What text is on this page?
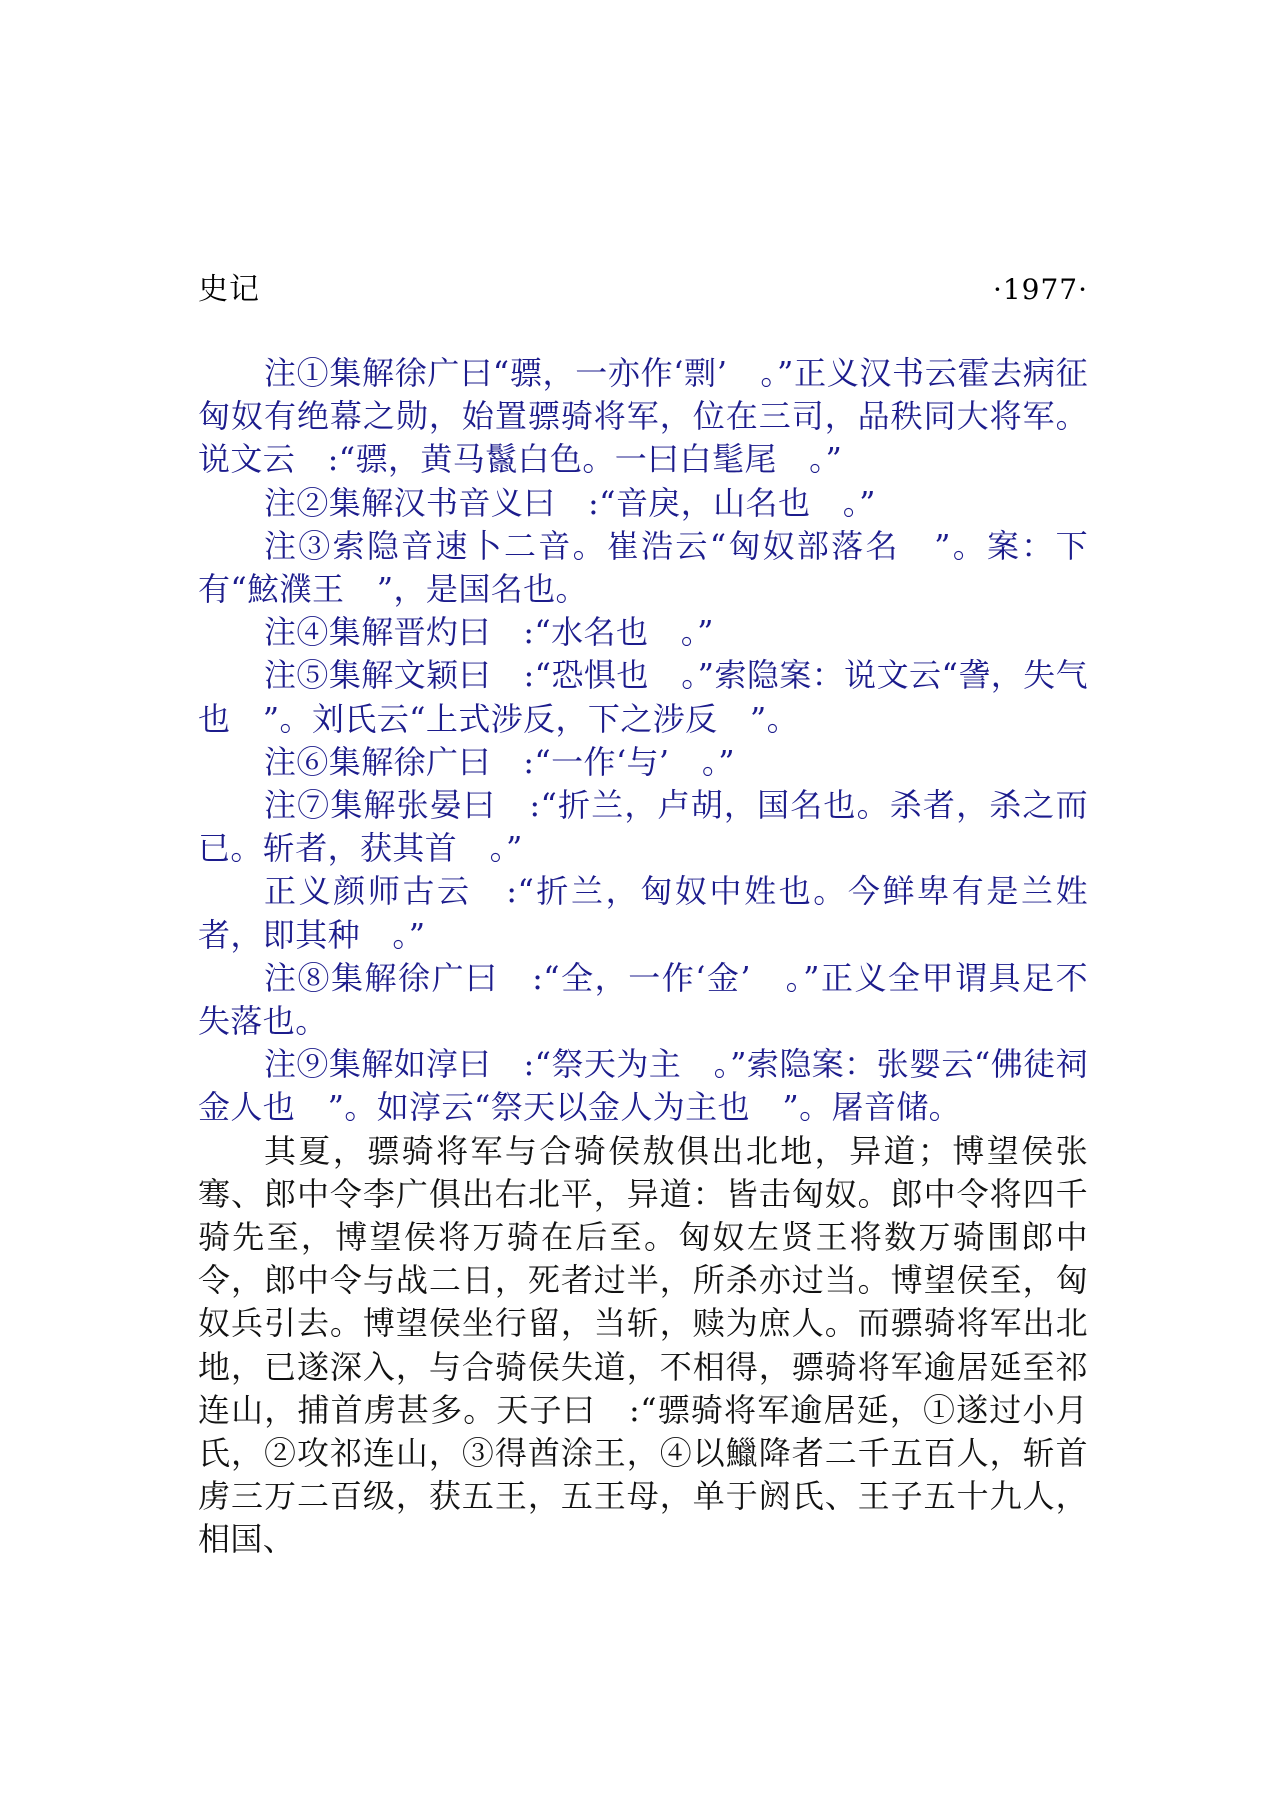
史记	·1977·

注①集解徐广曰“骠，一亦作‘剽’　。”正义汉书云霍去病征匈奴有绝幕之勋，始置骠骑将军，位在三司，品秩同大将军。说文云　:“骠，黄马鬣白色。一曰白髦尾　。”

注②集解汉书音义曰　:“音戾，山名也　。”

注③索隐音速卜二音。崔浩云“匈奴部落名　”。案：下有“鮌濮王　”，是国名也。

注④集解晋灼曰　:“水名也　。”

注⑤集解文颖曰　:“恐惧也　。”索隐案：说文云“詟，失气也　”。刘氏云“上式涉反，下之涉反　”。

注⑥集解徐广曰　:“一作‘与’　。”

注⑦集解张晏曰　:“折兰，卢胡，国名也。杀者，杀之而已。斩者，获其首　。”

正义颜师古云　:“折兰，匈奴中姓也。今鲜卑有是兰姓者，即其种　。”

注⑧集解徐广曰　:“全，一作‘金’　。”正义全甲谓具足不失落也。

注⑨集解如淳曰　:“祭天为主　。”索隐案：张婴云“佛徒祠金人也　”。如淳云“祭天以金人为主也　”。屠音储。

其夏，骠骑将军与合骑侯敖俱出北地，异道；博望侯张骞、郎中令李广俱出右北平，异道：皆击匈奴。郎中令将四千骑先至，博望侯将万骑在后至。匈奴左贤王将数万骑围郎中令，郎中令与战二日，死者过半，所杀亦过当。博望侯至，匈奴兵引去。博望侯坐行留，当斩，赎为庶人。而骠骑将军出北地，已遂深入，与合骑侯失道，不相得，骠骑将军逾居延至祁连山，捕首虏甚多。天子曰　:“骠骑将军逾居延，①遂过小月氏，②攻祁连山，③得酋涂王，④以鱲降者二千五百人，斩首虏三万二百级，获五王，五王母，单于阏氏、王子五十九人，相国、
